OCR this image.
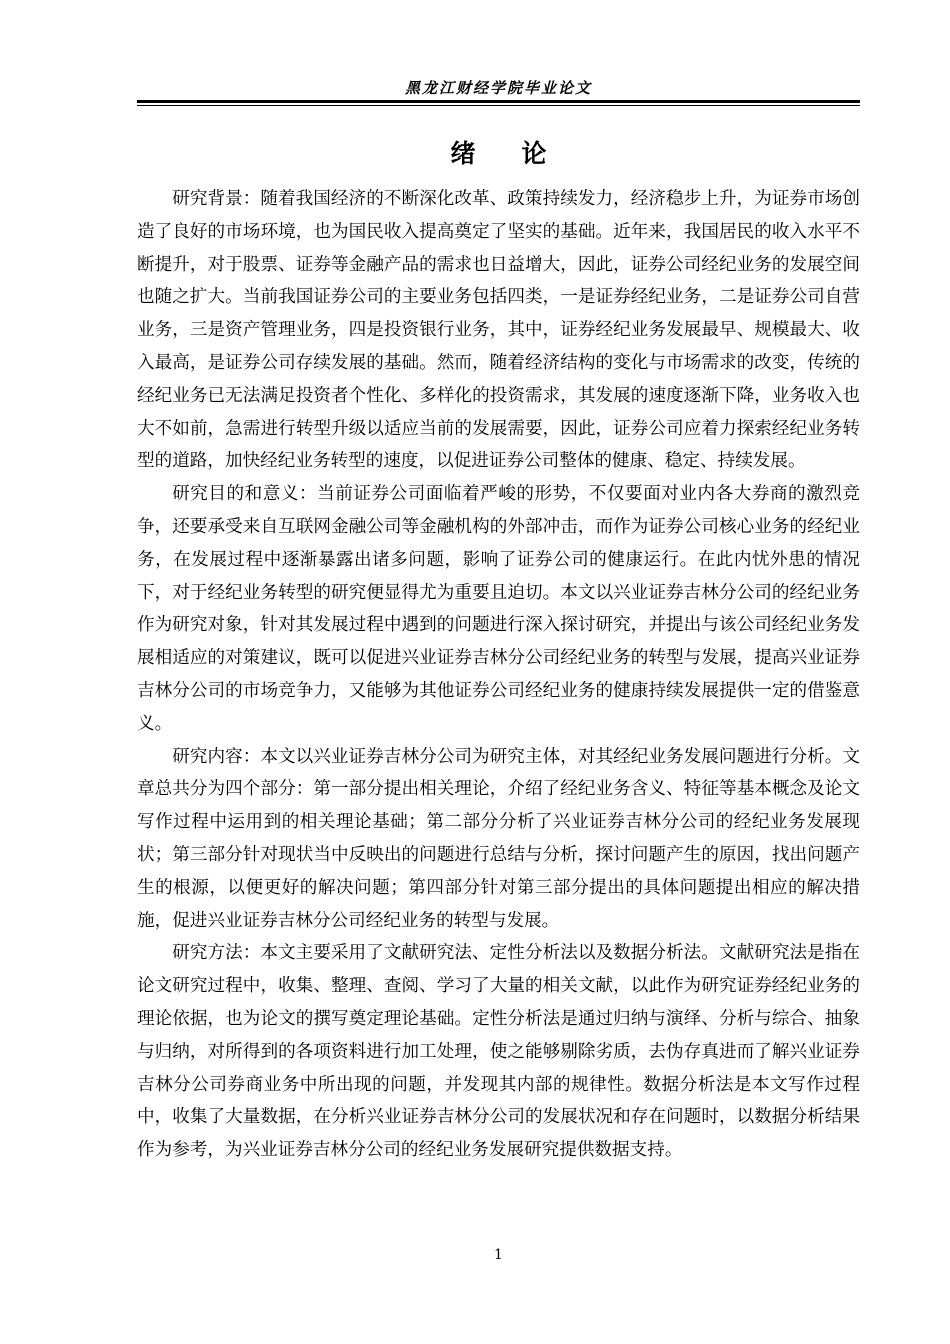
黑龙江财经学院毕业论文
绪论

研究背景：随着我国经济的不断深化改革、政策持续发力，经济稳步上升，为证券市场创造了良好的市场环境，也为国民收入提高奠定了坚实的基础。近年来，我国居民的收入水平不断提升，对于股票、证券等金融产品的需求也日益增大，因此，证券公司经纪业务的发展空间也随之扩大。当前我国证券公司的主要业务包括四类，一是证券经纪业务，二是证券公司自营业务，三是资产管理业务，四是投资银行业务，其中，证券经纪业务发展最早、规模最大、收入最高，是证券公司存续发展的基础。然而，随着经济结构的变化与市场需求的改变，传统的经纪业务已无法满足投资者个性化、多样化的投资需求，其发展的速度逐渐下降，业务收入也大不如前，急需进行转型升级以适应当前的发展需要，因此，证券公司应着力探索经纪业务转型的道路，加快经纪业务转型的速度，以促进证券公司整体的健康、稳定、持续发展。

研究目的和意义：当前证券公司面临着严峻的形势，不仅要面对业内各大券商的激烈竞争，还要承受来自互联网金融公司等金融机构的外部冲击，而作为证券公司核心业务的经纪业务，在发展过程中逐渐暴露出诸多问题，影响了证券公司的健康运行。在此内忧外患的情况下，对于经纪业务转型的研究便显得尤为重要且迫切。本文以兴业证券吉林分公司的经纪业务作为研究对象，针对其发展过程中遇到的问题进行深入探讨研究，并提出与该公司经纪业务发展相适应的对策建议，既可以促进兴业证券吉林分公司经纪业务的转型与发展，提高兴业证券吉林分公司的市场竞争力，又能够为其他证券公司经纪业务的健康持续发展提供一定的借鉴意义。

研究内容：本文以兴业证券吉林分公司为研究主体，对其经纪业务发展问题进行分析。文章总共分为四个部分：第一部分提出相关理论，介绍了经纪业务含义、特征等基本概念及论文写作过程中运用到的相关理论基础；第二部分分析了兴业证券吉林分公司的经纪业务发展现状；第三部分针对现状当中反映出的问题进行总结与分析，探讨问题产生的原因，找出问题产生的根源，以便更好的解决问题；第四部分针对第三部分提出的具体问题提出相应的解决措施，促进兴业证券吉林分公司经纪业务的转型与发展。

研究方法：本文主要采用了文献研究法、定性分析法以及数据分析法。文献研究法是指在论文研究过程中，收集、整理、查阅、学习了大量的相关文献，以此作为研究证券经纪业务的理论依据，也为论文的撰写奠定理论基础。定性分析法是通过归纳与演绎、分析与综合、抽象与归纳，对所得到的各项资料进行加工处理，使之能够剔除劣质，去伪存真进而了解兴业证券吉林分公司券商业务中所出现的问题，并发现其内部的规律性。数据分析法是本文写作过程中，收集了大量数据，在分析兴业证券吉林分公司的发展状况和存在问题时，以数据分析结果作为参考，为兴业证券吉林分公司的经纪业务发展研究提供数据支持。

1
